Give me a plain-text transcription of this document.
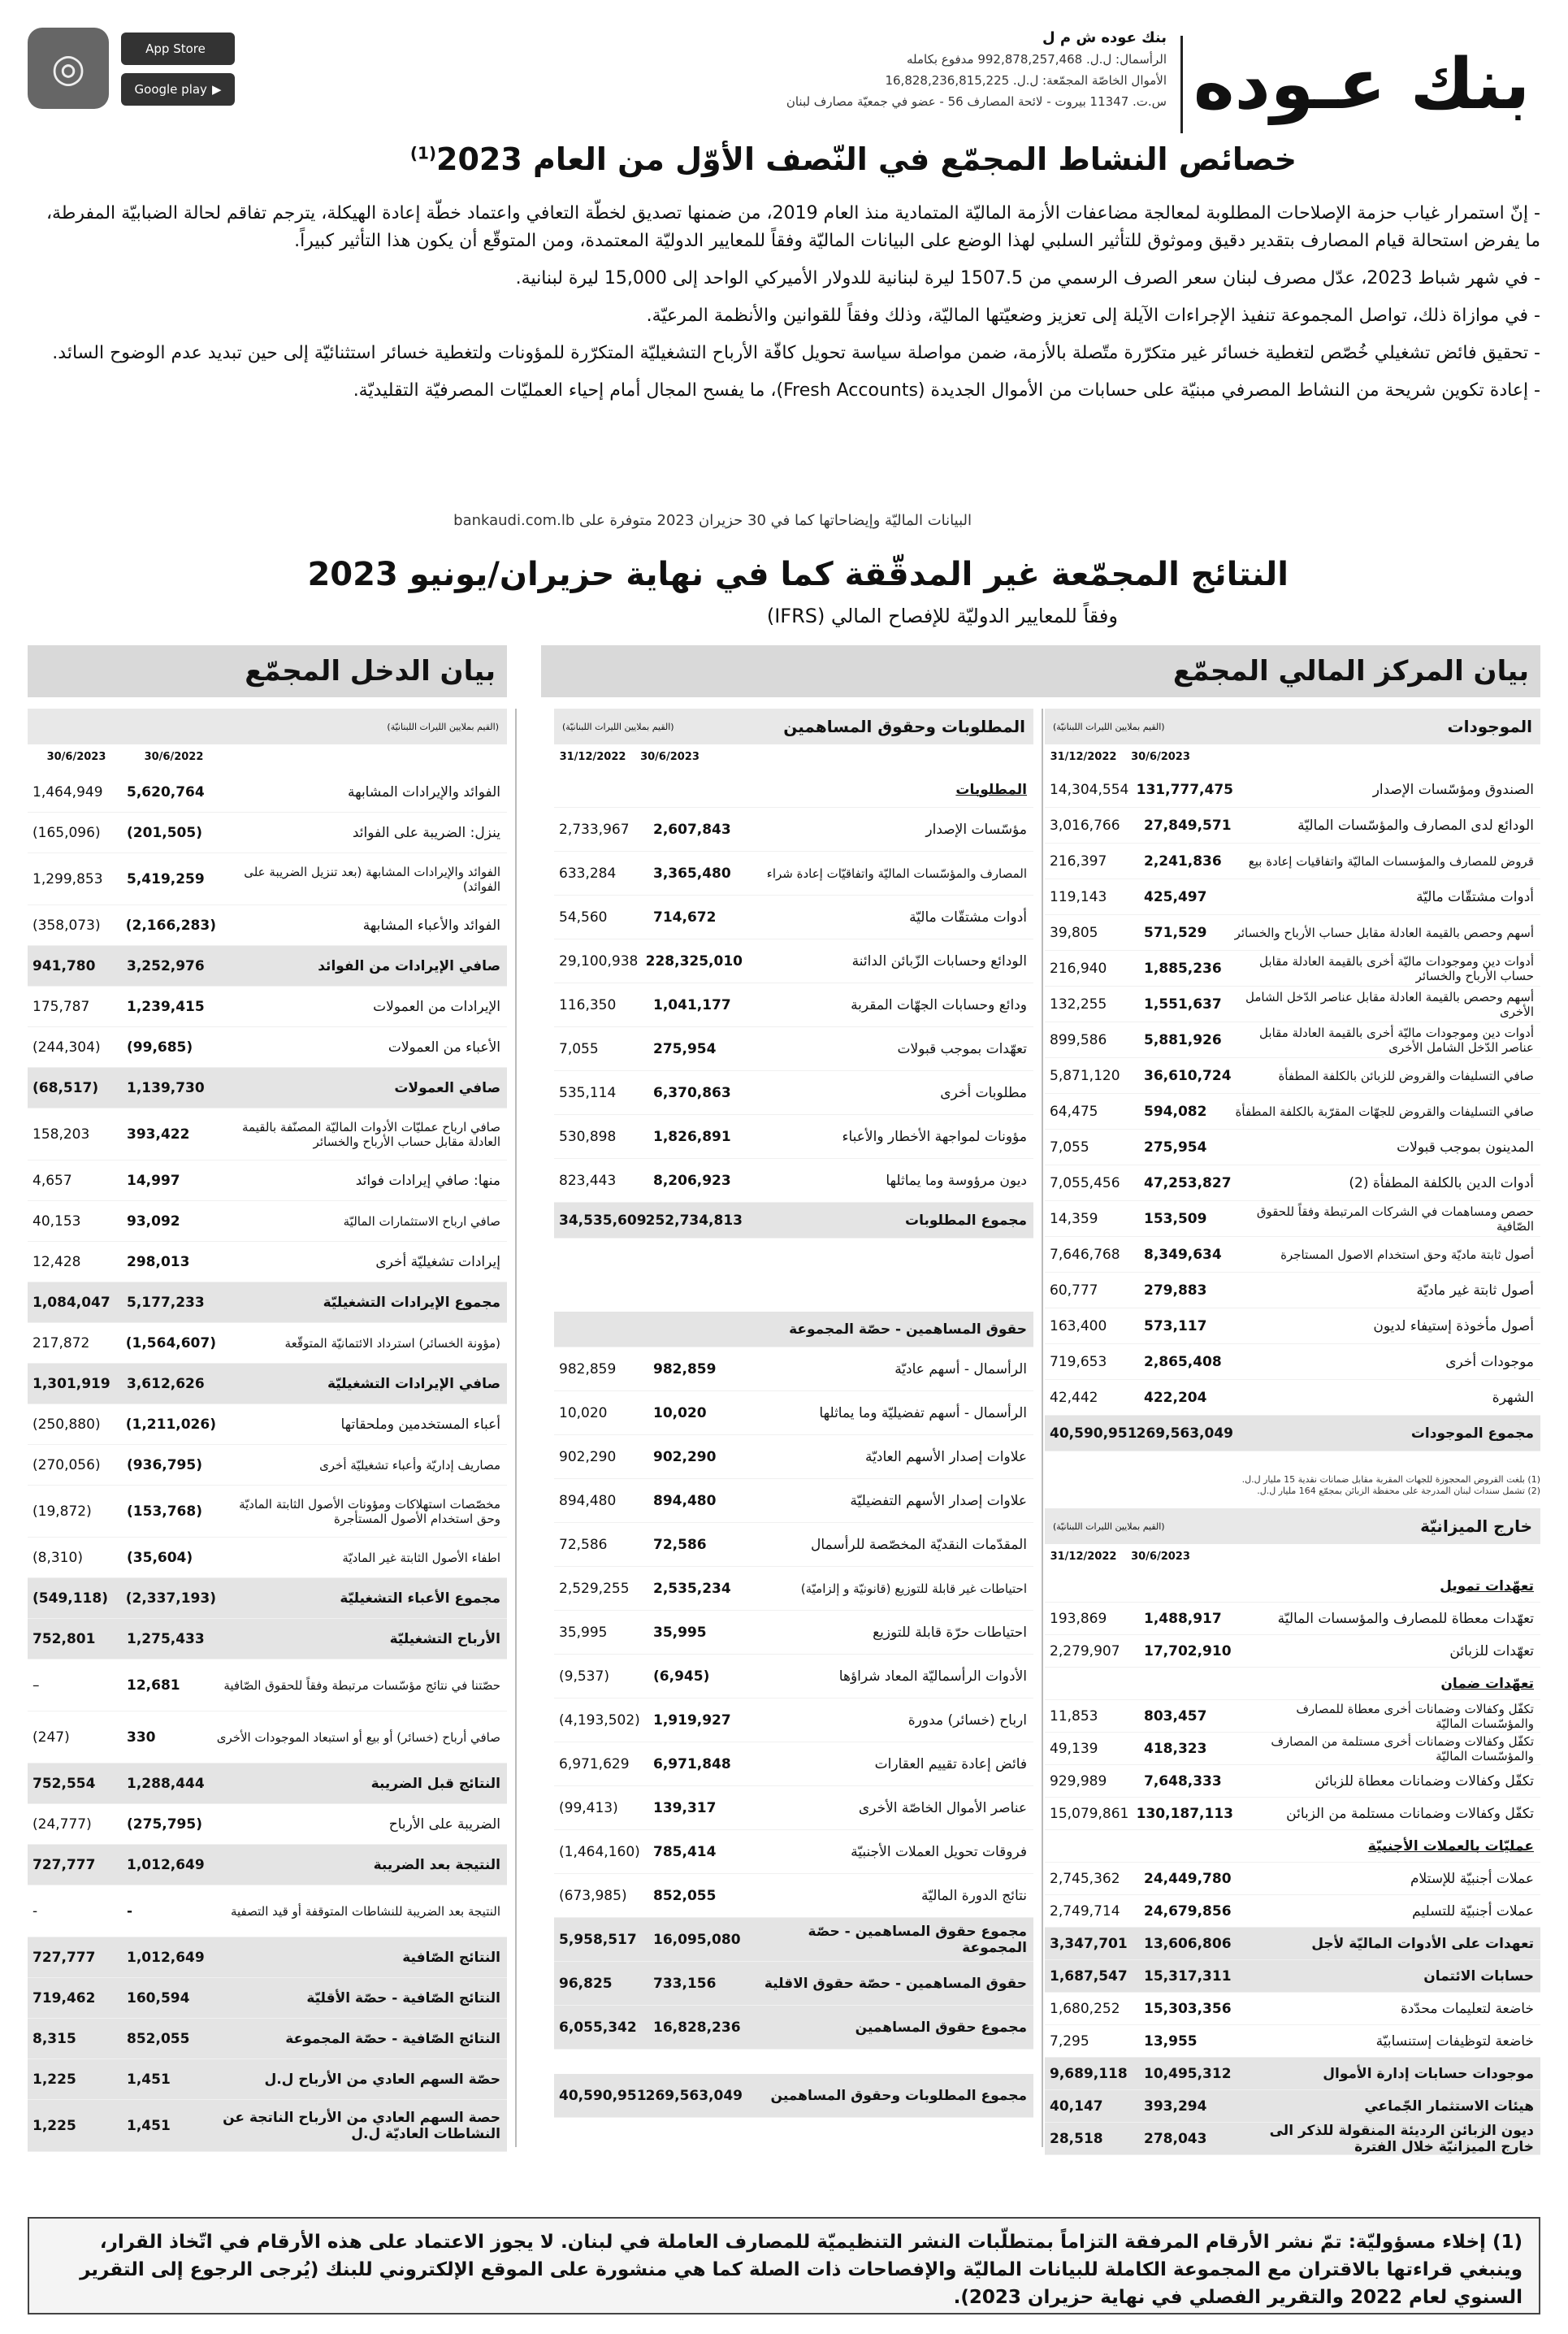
بنك عـوده
بنك عوده ش م ل
الرأسمال: ل.ل. 992,878,257,468 مدفوع بكامله
الأموال الخاصّة المجمّعة: ل.ل. 16,828,236,815,225
س.ت. 11347 بيروت - لائحة المصارف 56 - عضو في جمعيّة مصارف لبنان
◎	App Store
▶
Google play
خصائص النشاط المجمّع في النّصف الأوّل من العام 2023$^{(1)}$

- إنّ استمرار غياب حزمة الإصلاحات المطلوبة لمعالجة مضاعفات الأزمة الماليّة المتمادية منذ العام 2019، من ضمنها تصديق لخطّة التعافي واعتماد خطّة إعادة الهيكلة، يترجم تفاقم لحالة الضبابيّة المفرطة، ما يفرض استحالة قيام المصارف بتقدير دقيق وموثوق للتأثير السلبي لهذا الوضع على البيانات الماليّة وفقاً للمعايير الدوليّة المعتمدة، ومن المتوقّع أن يكون هذا التأثير كبيراً.

- في شهر شباط 2023، عدّل مصرف لبنان سعر الصرف الرسمي من 1507.5 ليرة لبنانية للدولار الأميركي الواحد إلى 15,000 ليرة لبنانية.

- في موازاة ذلك، تواصل المجموعة تنفيذ الإجراءات الآيلة إلى تعزيز وضعيّتها الماليّة، وذلك وفقاً للقوانين والأنظمة المرعيّة.

- تحقيق فائض تشغيلي خُصّص لتغطية خسائر غير متكرّرة متّصلة بالأزمة، ضمن مواصلة سياسة تحويل كافّة الأرباح التشغيليّة المتكرّرة للمؤونات ولتغطية خسائر استثنائيّة إلى حين تبديد عدم الوضوح السائد.

- إعادة تكوين شريحة من النشاط المصرفي مبنيّة على حسابات من الأموال الجديدة (Fresh Accounts)، ما يفسح المجال أمام إحياء العمليّات المصرفيّة التقليديّة.

البيانات الماليّة وإيضاحاتها كما في 30 حزيران 2023 متوفرة على bankaudi.com.lb
النتائج المجمّعة غير المدقّقة كما في نهاية حزيران/يونيو 2023
وفقاً للمعايير الدوليّة للإفصاح المالي (IFRS)
بيان المركز المالي المجمّع
بيان الدخل المجمّع
الموجودات
(القيم بملايين الليرات اللبنانيّة)
30/6/2023
31/12/2022
المطلوبات وحقوق المساهمين
(القيم بملايين الليرات اللبنانيّة)
30/6/2023
31/12/2022
(القيم بملايين الليرات اللبنانيّة)
30/6/2022
30/6/2023
الصندوق ومؤسّسات الإصدار
131,777,475
14,304,554
الودائع لدى المصارف والمؤسّسات الماليّة
27,849,571
3,016,766
قروض للمصارف والمؤسسات الماليّة واتفاقيات إعادة بيع
2,241,836
216,397
أدوات مشتقّات ماليّة
425,497
119,143
أسهم وحصص بالقيمة العادلة مقابل حساب الأرباح والخسائر
571,529
39,805
أدوات دين وموجودات ماليّة أخرى بالقيمة العادلة مقابل حساب الأرباح والخسائر
1,885,236
216,940
أسهم وحصص بالقيمة العادلة مقابل عناصر الدّخل الشامل الأخرى
1,551,637
132,255
أدوات دين وموجودات ماليّة أخرى بالقيمة العادلة مقابل عناصر الدّخل الشامل الأخرى
5,881,926
899,586
صافي التسليفات والقروض للزبائن بالكلفة المطفأة
36,610,724
5,871,120
صافي التسليفات والقروض للجهّات المقرّبة بالكلفة المطفأة
594,082
64,475
المدينون بموجب قبولات
275,954
7,055
أدوات الدين بالكلفة المطفأة (2)
47,253,827
7,055,456
حصص ومساهمات في الشركات المرتبطة وفقاً للحقوق الصّافية
153,509
14,359
أصول ثابتة ماديّة وحق استخدام الاصول المستاجرة
8,349,634
7,646,768
أصول ثابتة غير ماديّة
279,883
60,777
أصول مأخوذة إستيفاء لديون
573,117
163,400
موجودات أخرى
2,865,408
719,653
الشهرة
422,204
42,442
مجموع الموجودات
269,563,049
40,590,951
(1) بلغت القروض المحجوزة للجهات المقربة مقابل ضمانات نقدية 15 مليار ل.ل.
(2) تشمل سندات لبنان المدرجة على محفظة الزبائن بمجمّع 164 مليار ل.ل.
خارج الميزانيّة
(القيم بملايين الليرات اللبنانيّة)
30/6/2023
31/12/2022
تعهّدات تمويل
تعهّدات معطاة للمصارف والمؤسسات الماليّة
1,488,917
193,869
تعهّدات للزبائن
17,702,910
2,279,907
تعهّدات ضمان
تكفّل وكفالات وضمانات أخرى معطاة للمصارف والمؤسّسات الماليّة
803,457
11,853
تكفّل وكفالات وضمانات أخرى مستلمة من المصارف والمؤسّسات الماليّة
418,323
49,139
تكفّل وكفالات وضمانات معطاة للزبائن
7,648,333
929,989
تكفّل وكفالات وضمانات مستلمة من الزبائن
130,187,113
15,079,861
عمليّات بالعملات الأجنبيّة
عملات أجنبيّة للإستلام
24,449,780
2,745,362
عملات أجنبيّة للتسليم
24,679,856
2,749,714
تعهدات على الأدوات الماليّة لأجل
13,606,806
3,347,701
حسابات الائتمان
15,317,311
1,687,547
خاضعة لتعليمات محدّدة
15,303,356
1,680,252
خاضعة لتوظيفات إستنسابيّة
13,955
7,295
موجودات حسابات إدارة الأموال
10,495,312
9,689,118
هيئات الاستثمار الجّماعي
393,294
40,147
ديون الزبائن الرديئة المنقولة للذكر الى خارج الميزانيّة خلال الفترة
278,043
28,518
المطلوبات
مؤسّسات الإصدار
2,607,843
2,733,967
المصارف والمؤسّسات الماليّة واتفاقيّات إعادة شراء
3,365,480
633,284
أدوات مشتقّات ماليّة
714,672
54,560
الودائع وحسابات الزّبائن الدائنة
228,325,010
29,100,938
ودائع وحسابات الجهّات المقربة
1,041,177
116,350
تعهّدات بموجب قبولات
275,954
7,055
مطلوبات أخرى
6,370,863
535,114
مؤونات لمواجهة الأخطار والأعباء
1,826,891
530,898
ديون مرؤوسة وما يماثلها
8,206,923
823,443
مجموع المطلوبات
252,734,813
34,535,609
حقوق المساهمين - حصّة المجموعة
الرأسمال - أسهم عاديّة
982,859
982,859
الرأسمال - أسهم تفضيليّة وما يماثلها
10,020
10,020
علاوات إصدار الأسهم العاديّة
902,290
902,290
علاوات إصدار الأسهم التفضيليّة
894,480
894,480
المقدّمات النقديّة المخصّصة للرأسمال
72,586
72,586
احتياطات غير قابلة للتوزيع (قانونيّة و إلزاميّة)
2,535,234
2,529,255
احتياطات حرّة قابلة للتوزيع
35,995
35,995
الأدوات الرأسماليّة المعاد شراؤها
(6,945)
(9,537)
ارباح (خسائر) مدورة
1,919,927
(4,193,502)
فائض إعادة تقييم العقارات
6,971,848
6,971,629
عناصر الأموال الخاصّة الأخرى
139,317
(99,413)
فروقات تحويل العملات الأجنبيّة
785,414
(1,464,160)
نتائج الدورة الماليّة
852,055
(673,985)
مجموع حقوق المساهمين - حصّة المجموعة
16,095,080
5,958,517
حقوق المساهمين - حصّة حقوق الاقلية
733,156
96,825
مجموع حقوق المساهمين
16,828,236
6,055,342
مجموع المطلوبات وحقوق المساهمين
269,563,049
40,590,951
الفوائد والإيرادات المشابهة
5,620,764
1,464,949
ينزل: الضريبة على الفوائد
(201,505)
(165,096)
الفوائد والإيرادات المشابهة (بعد تنزيل الضريبة على الفوائد)
5,419,259
1,299,853
الفوائد والأعباء المشابهة
(2,166,283)
(358,073)
صافي الإيرادات من الفوائد
3,252,976
941,780
الإيرادات من العمولات
1,239,415
175,787
الأعباء من العمولات
(99,685)
(244,304)
صافي العمولات
1,139,730
(68,517)
صافي ارباح عمليّات الأدوات الماليّة المصنّفة بالقيمة العادلة مقابل حساب الأرباح والخسائر
393,422
158,203
منها: صافي إيرادات فوائد
14,997
4,657
صافي ارباح الاستثمارات الماليّة
93,092
40,153
إيرادات تشغيليّة أخرى
298,013
12,428
مجموع الإيرادات التشغيليّة
5,177,233
1,084,047
(مؤونة الخسائر) استرداد الائتمانيّة المتوقّعة
(1,564,607)
217,872
صافي الإيرادات التشغيليّة
3,612,626
1,301,919
أعباء المستخدمين وملحقاتها
(1,211,026)
(250,880)
مصاريف إداريّة وأعباء تشغيليّة أخرى
(936,795)
(270,056)
مخصّصات استهلاكات ومؤونات الأصول الثابتة الماديّة وحق استخدام الأصول المستأجرة
(153,768)
(19,872)
اطفاء الأصول الثابتة غير الماديّة
(35,604)
(8,310)
مجموع الأعباء التشغيليّة
(2,337,193)
(549,118)
الأرباح التشغيليّة
1,275,433
752,801
حصّتنا في نتائج مؤسّسات مرتبطة وفقاً للحقوق الصّافية
12,681
–
صافي أرباح (خسائر) أو بيع أو استبعاد الموجودات الأخرى
330
(247)
النتائج قبل الضريبة
1,288,444
752,554
الضريبة على الأرباح
(275,795)
(24,777)
النتيجة بعد الضريبة
1,012,649
727,777
النتيجة بعد الضريبة للنشاطات المتوقفة أو قيد التصفية
-
-
النتائج الصّافية
1,012,649
727,777
النتائج الصّافية - حصّة الأقليّة
160,594
719,462
النتائج الصّافية - حصّة المجموعة
852,055
8,315
حصّة السهم العادي من الأرباح ل.ل
1,451
1,225
حصة السهم العادي من الأرباح الناتجة عن النشاطات العاديّة ل.ل
1,451
1,225
(1) إخلاء مسؤوليّة: تمّ نشر الأرقام المرفقة التزاماً بمتطلّبات النشر التنظيميّة للمصارف العاملة في لبنان. لا يجوز الاعتماد على هذه الأرقام في اتّخاذ القرار، وينبغي قراءتها بالاقتران مع المجموعة الكاملة للبيانات الماليّة والإفصاحات ذات الصلة كما هي منشورة على الموقع الإلكتروني للبنك (يُرجى الرجوع إلى التقرير السنوي لعام 2022 والتقرير الفصلي في نهاية حزيران 2023).
